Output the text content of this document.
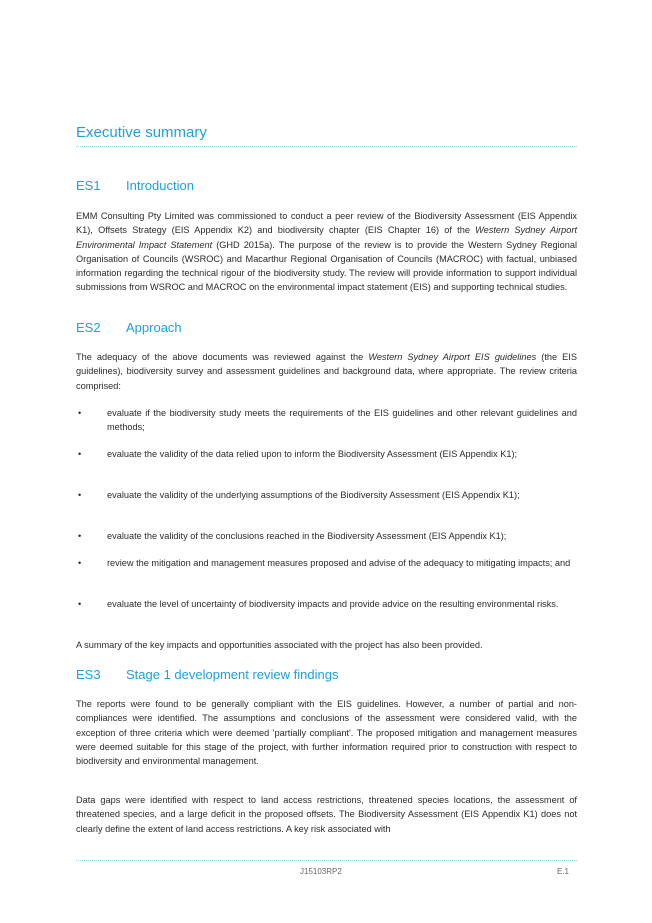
Executive summary
ES1 Introduction
EMM Consulting Pty Limited was commissioned to conduct a peer review of the Biodiversity Assessment (EIS Appendix K1), Offsets Strategy (EIS Appendix K2) and biodiversity chapter (EIS Chapter 16) of the Western Sydney Airport Environmental Impact Statement (GHD 2015a). The purpose of the review is to provide the Western Sydney Regional Organisation of Councils (WSROC) and Macarthur Regional Organisation of Councils (MACROC) with factual, unbiased information regarding the technical rigour of the biodiversity study. The review will provide information to support individual submissions from WSROC and MACROC on the environmental impact statement (EIS) and supporting technical studies.
ES2 Approach
The adequacy of the above documents was reviewed against the Western Sydney Airport EIS guidelines (the EIS guidelines), biodiversity survey and assessment guidelines and background data, where appropriate. The review criteria comprised:
•	evaluate if the biodiversity study meets the requirements of the EIS guidelines and other relevant guidelines and methods;
•	evaluate the validity of the data relied upon to inform the Biodiversity Assessment (EIS Appendix K1);
•	evaluate the validity of the underlying assumptions of the Biodiversity Assessment (EIS Appendix K1);
•	evaluate the validity of the conclusions reached in the Biodiversity Assessment (EIS Appendix K1);
•	review the mitigation and management measures proposed and advise of the adequacy to mitigating impacts; and
•	evaluate the level of uncertainty of biodiversity impacts and provide advice on the resulting environmental risks.
A summary of the key impacts and opportunities associated with the project has also been provided.
ES3 Stage 1 development review findings
The reports were found to be generally compliant with the EIS guidelines. However, a number of partial and non-compliances were identified. The assumptions and conclusions of the assessment were considered valid, with the exception of three criteria which were deemed 'partially compliant'. The proposed mitigation and management measures were deemed suitable for this stage of the project, with further information required prior to construction with respect to biodiversity and environmental management.
Data gaps were identified with respect to land access restrictions, threatened species locations, the assessment of threatened species, and a large deficit in the proposed offsets. The Biodiversity Assessment (EIS Appendix K1) does not clearly define the extent of land access restrictions. A key risk associated with
J15103RP2	E.1
